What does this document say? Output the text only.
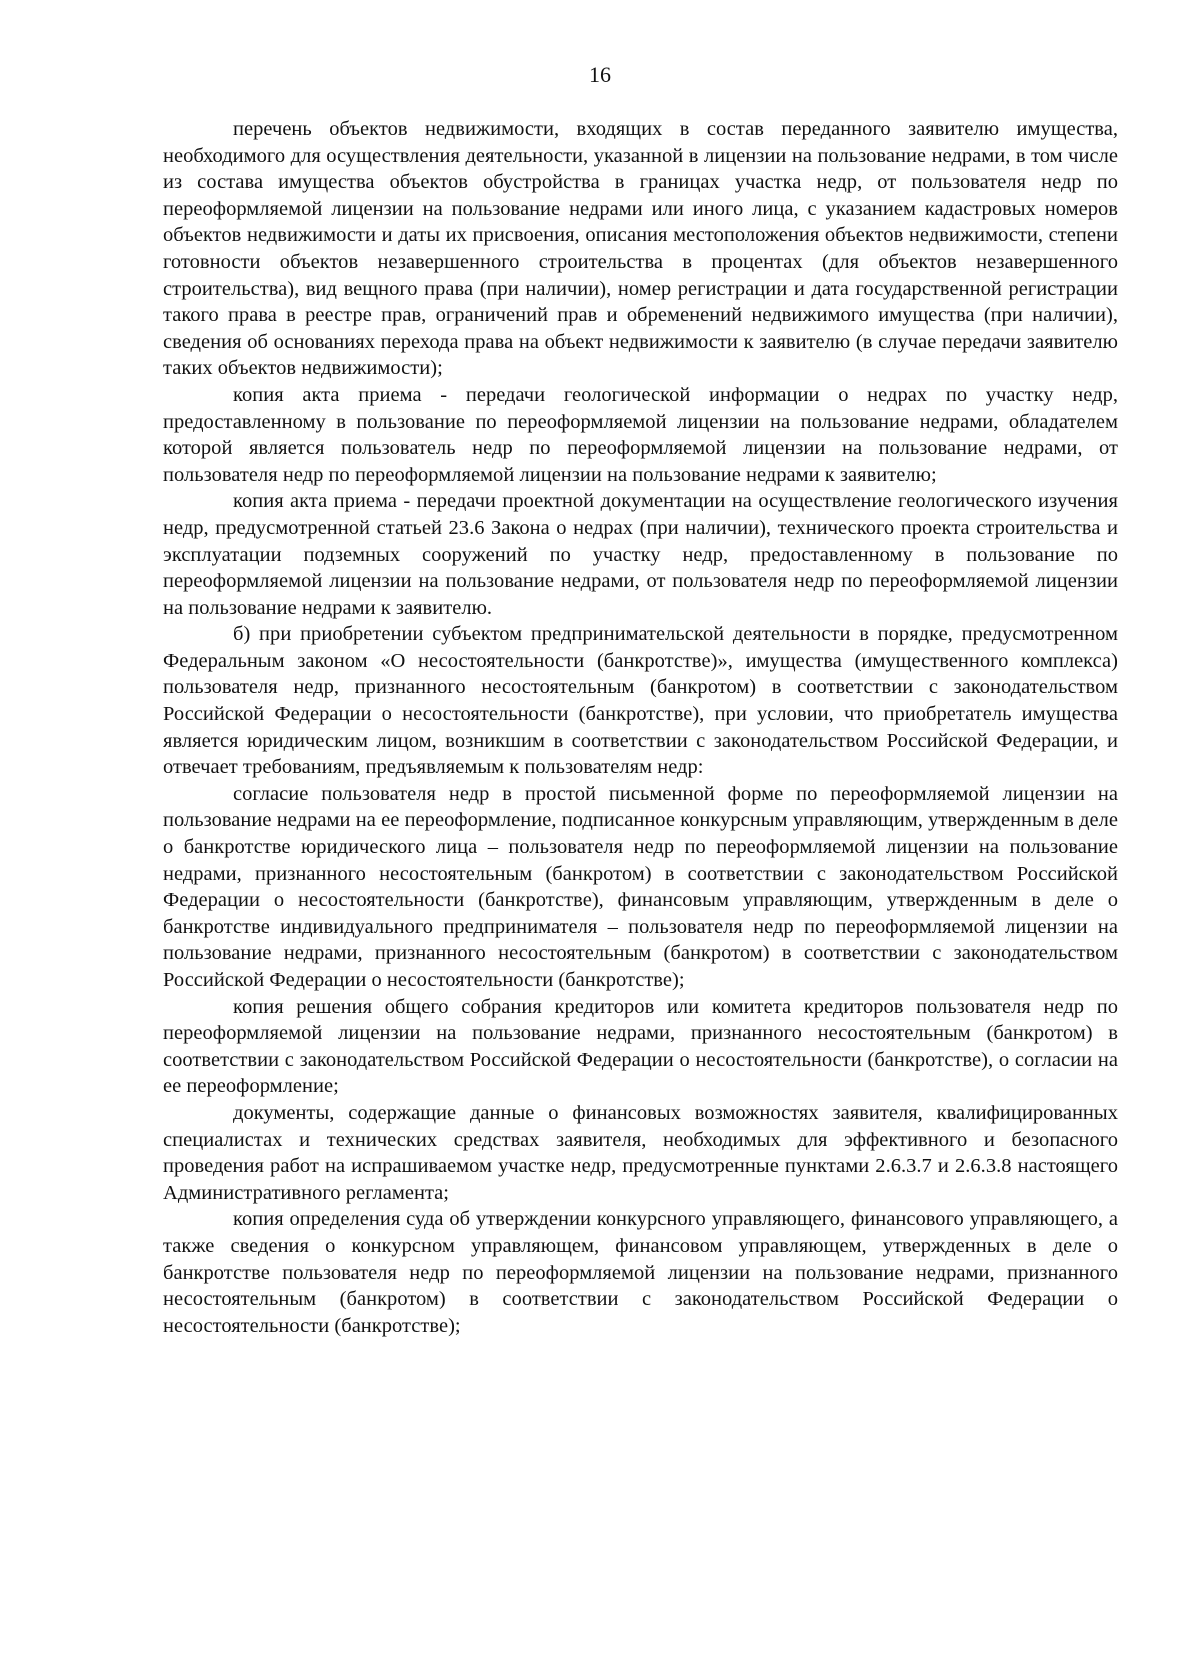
16

перечень объектов недвижимости, входящих в состав переданного заявителю имущества, необходимого для осуществления деятельности, указанной в лицензии на пользование недрами, в том числе из состава имущества объектов обустройства в границах участка недр, от пользователя недр по переоформляемой лицензии на пользование недрами или иного лица, с указанием кадастровых номеров объектов недвижимости и даты их присвоения, описания местоположения объектов недвижимости, степени готовности объектов незавершенного строительства в процентах (для объектов незавершенного строительства), вид вещного права (при наличии), номер регистрации и дата государственной регистрации такого права в реестре прав, ограничений прав и обременений недвижимого имущества (при наличии), сведения об основаниях перехода права на объект недвижимости к заявителю (в случае передачи заявителю таких объектов недвижимости);

копия акта приема - передачи геологической информации о недрах по участку недр, предоставленному в пользование по переоформляемой лицензии на пользование недрами, обладателем которой является пользователь недр по переоформляемой лицензии на пользование недрами, от пользователя недр по переоформляемой лицензии на пользование недрами к заявителю;

копия акта приема - передачи проектной документации на осуществление геологического изучения недр, предусмотренной статьей 23.6 Закона о недрах (при наличии), технического проекта строительства и эксплуатации подземных сооружений по участку недр, предоставленному в пользование по переоформляемой лицензии на пользование недрами, от пользователя недр по переоформляемой лицензии на пользование недрами к заявителю.

б) при приобретении субъектом предпринимательской деятельности в порядке, предусмотренном Федеральным законом «О несостоятельности (банкротстве)», имущества (имущественного комплекса) пользователя недр, признанного несостоятельным (банкротом) в соответствии с законодательством Российской Федерации о несостоятельности (банкротстве), при условии, что приобретатель имущества является юридическим лицом, возникшим в соответствии с законодательством Российской Федерации, и отвечает требованиям, предъявляемым к пользователям недр:

согласие пользователя недр в простой письменной форме по переоформляемой лицензии на пользование недрами на ее переоформление, подписанное конкурсным управляющим, утвержденным в деле о банкротстве юридического лица – пользователя недр по переоформляемой лицензии на пользование недрами, признанного несостоятельным (банкротом) в соответствии с законодательством Российской Федерации о несостоятельности (банкротстве), финансовым управляющим, утвержденным в деле о банкротстве индивидуального предпринимателя – пользователя недр по переоформляемой лицензии на пользование недрами, признанного несостоятельным (банкротом) в соответствии с законодательством Российской Федерации о несостоятельности (банкротстве);

копия решения общего собрания кредиторов или комитета кредиторов пользователя недр по переоформляемой лицензии на пользование недрами, признанного несостоятельным (банкротом) в соответствии с законодательством Российской Федерации о несостоятельности (банкротстве), о согласии на ее переоформление;

документы, содержащие данные о финансовых возможностях заявителя, квалифицированных специалистах и технических средствах заявителя, необходимых для эффективного и безопасного проведения работ на испрашиваемом участке недр, предусмотренные пунктами 2.6.3.7 и 2.6.3.8 настоящего Административного регламента;

копия определения суда об утверждении конкурсного управляющего, финансового управляющего, а также сведения о конкурсном управляющем, финансовом управляющем, утвержденных в деле о банкротстве пользователя недр по переоформляемой лицензии на пользование недрами, признанного несостоятельным (банкротом) в соответствии с законодательством Российской Федерации о несостоятельности (банкротстве);
